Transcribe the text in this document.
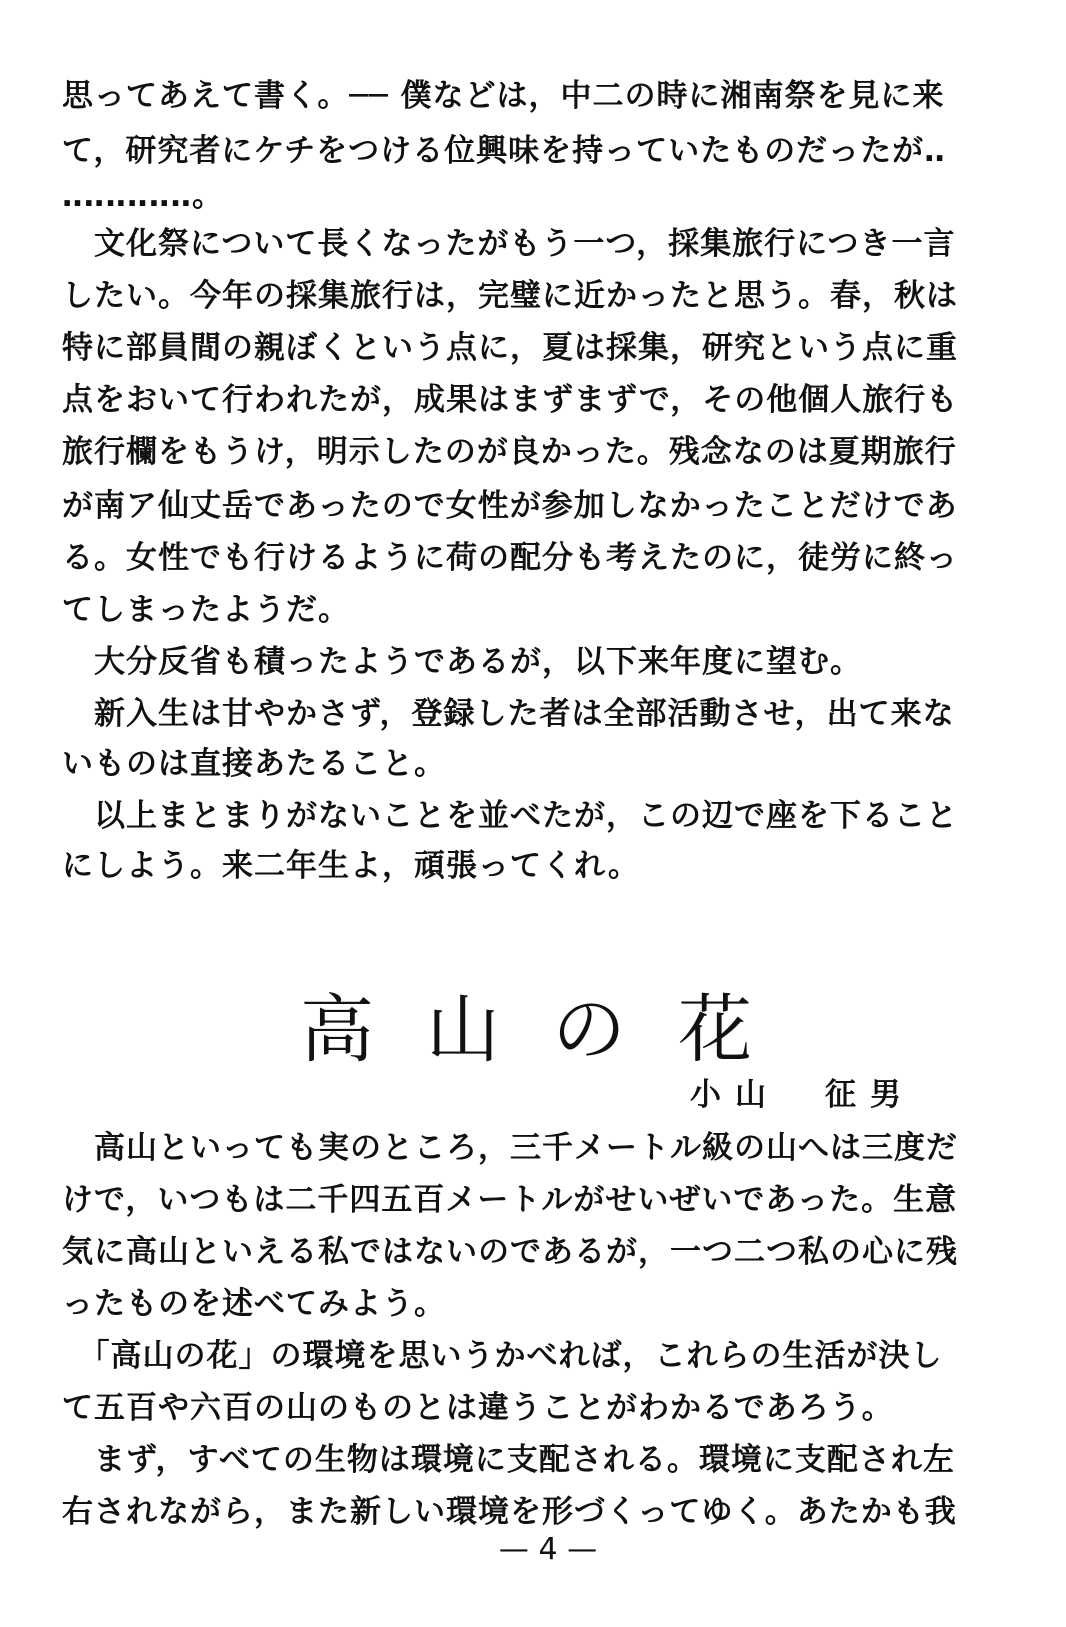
思ってあえて書く。── 僕などは，中二の時に湘南祭を見に来
て，研究者にケチをつける位興味を持っていたものだったが‥
‥‥‥‥‥‥。
　文化祭について長くなったがもう一つ，採集旅行につき一言
したい。今年の採集旅行は，完璧に近かったと思う。春，秋は
特に部員間の親ぼくという点に，夏は採集，研究という点に重
点をおいて行われたが，成果はまずまずで，その他個人旅行も
旅行欄をもうけ，明示したのが良かった。残念なのは夏期旅行
が南ア仙丈岳であったので女性が参加しなかったことだけであ
る。女性でも行けるように荷の配分も考えたのに，徒労に終っ
てしまったようだ。
　大分反省も積ったようであるが，以下来年度に望む。
　新入生は甘やかさず，登録した者は全部活動させ，出て来な
いものは直接あたること。
　以上まとまりがないことを並べたが，この辺で座を下ること
にしよう。来二年生よ，頑張ってくれ。
高山の花
小山　征男
　高山といっても実のところ，三千メートル級の山へは三度だ
けで，いつもは二千四五百メートルがせいぜいであった。生意
気に高山といえる私ではないのであるが，一つ二つ私の心に残
ったものを述べてみよう。
　「高山の花」の環境を思いうかべれば，これらの生活が決し
て五百や六百の山のものとは違うことがわかるであろう。
　まず，すべての生物は環境に支配される。環境に支配され左
右されながら，また新しい環境を形づくってゆく。あたかも我
— 4 —
